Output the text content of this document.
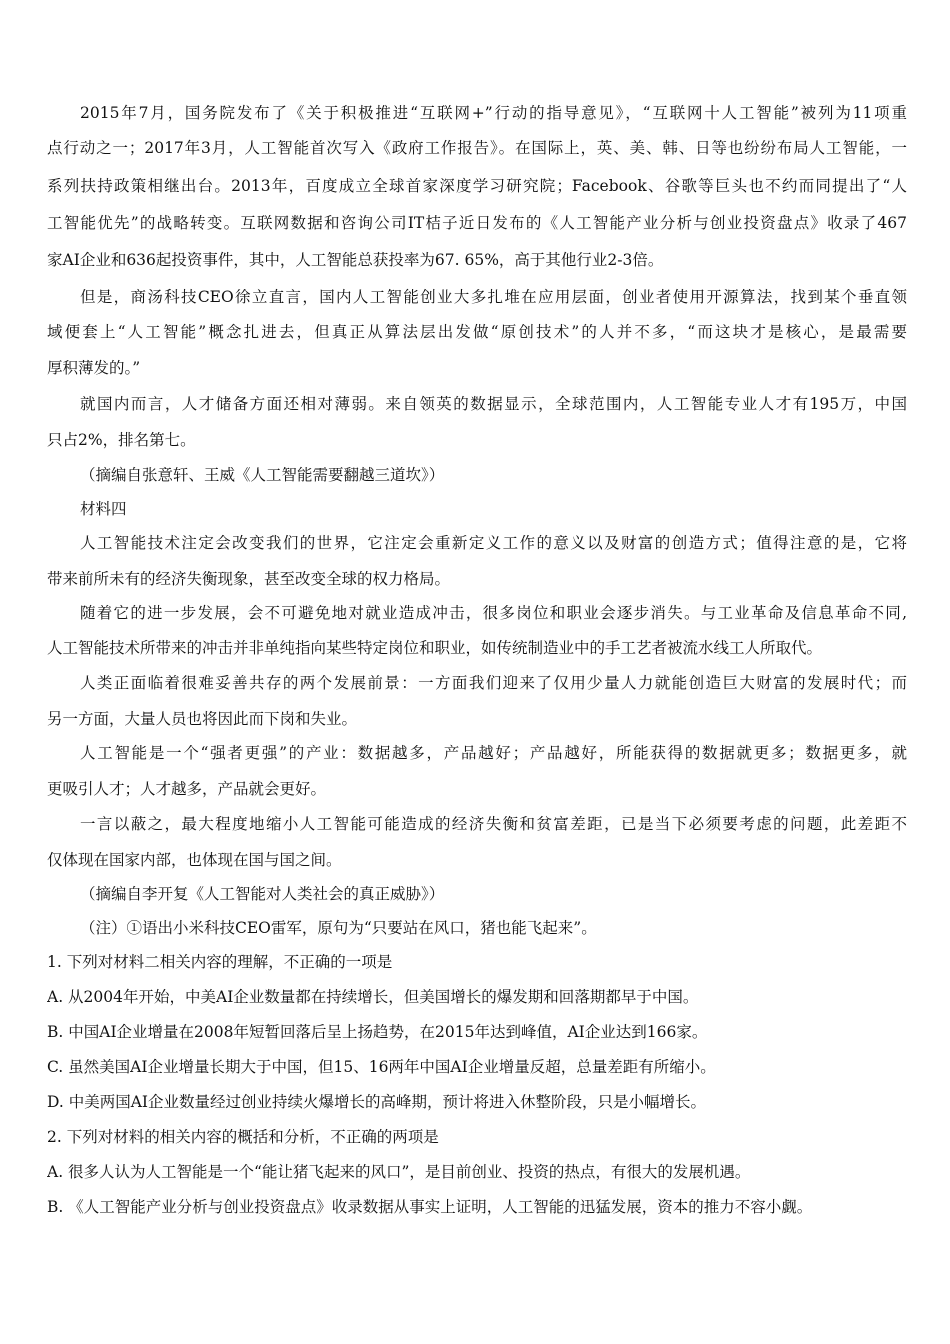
2015年7月，国务院发布了《关于积极推进“互联网+”行动的指导意见》，“互联网十人工智能”被列为11项重
点行动之一；2017年3月，人工智能首次写入《政府工作报告》。在国际上，英、美、韩、日等也纷纷布局人工智能，一
系列扶持政策相继出台。2013年，百度成立全球首家深度学习研究院；Facebook、谷歌等巨头也不约而同提出了“人
工智能优先”的战略转变。互联网数据和咨询公司IT桔子近日发布的《人工智能产业分析与创业投资盘点》收录了467
家AI企业和636起投资事件，其中，人工智能总获投率为67. 65%，高于其他行业2-3倍。
但是，商汤科技CEO徐立直言，国内人工智能创业大多扎堆在应用层面，创业者使用开源算法，找到某个垂直领
域便套上“人工智能”概念扎进去，但真正从算法层出发做“原创技术”的人并不多，“而这块才是核心，是最需要
厚积薄发的。”
就国内而言，人才储备方面还相对薄弱。来自领英的数据显示，全球范围内，人工智能专业人才有195万，中国
只占2%，排名第七。
（摘编自张意轩、王威《人工智能需要翻越三道坎》）
材料四
人工智能技术注定会改变我们的世界，它注定会重新定义工作的意义以及财富的创造方式；值得注意的是，它将
带来前所未有的经济失衡现象，甚至改变全球的权力格局。
随着它的进一步发展，会不可避免地对就业造成冲击，很多岗位和职业会逐步消失。与工业革命及信息革命不同,
人工智能技术所带来的冲击并非单纯指向某些特定岗位和职业，如传统制造业中的手工艺者被流水线工人所取代。
人类正面临着很难妥善共存的两个发展前景：一方面我们迎来了仅用少量人力就能创造巨大财富的发展时代；而
另一方面，大量人员也将因此而下岗和失业。
人工智能是一个“强者更强”的产业：数据越多，产品越好；产品越好，所能获得的数据就更多；数据更多，就
更吸引人才；人才越多，产品就会更好。
一言以蔽之，最大程度地缩小人工智能可能造成的经济失衡和贫富差距，已是当下必须要考虑的问题，此差距不
仅体现在国家内部，也体现在国与国之间。
（摘编自李开复《人工智能对人类社会的真正威胁》）
（注）①语出小米科技CEO雷军，原句为“只要站在风口，猪也能飞起来”。
1. 下列对材料二相关内容的理解，不正确的一项是
A. 从2004年开始，中美AI企业数量都在持续增长，但美国增长的爆发期和回落期都早于中国。
B. 中国AI企业增量在2008年短暂回落后呈上扬趋势，在2015年达到峰值，AI企业达到166家。
C. 虽然美国AI企业增量长期大于中国，但15、16两年中国AI企业增量反超，总量差距有所缩小。
D. 中美两国AI企业数量经过创业持续火爆增长的高峰期，预计将进入休整阶段，只是小幅增长。
2. 下列对材料的相关内容的概括和分析，不正确的两项是
A. 很多人认为人工智能是一个“能让猪飞起来的风口”，是目前创业、投资的热点，有很大的发展机遇。
B. 《人工智能产业分析与创业投资盘点》收录数据从事实上证明，人工智能的迅猛发展，资本的推力不容小觑。
